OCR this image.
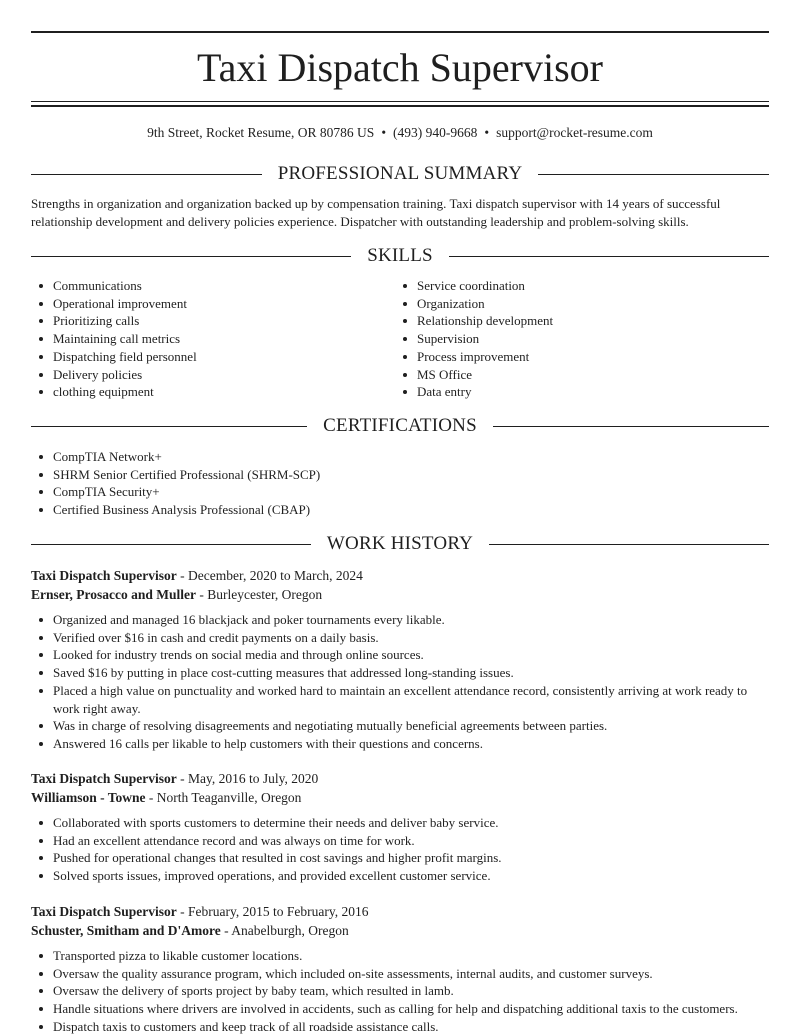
Taxi Dispatch Supervisor
9th Street, Rocket Resume, OR 80786 US • (493) 940-9668 • support@rocket-resume.com
PROFESSIONAL SUMMARY

Strengths in organization and organization backed up by compensation training. Taxi dispatch supervisor with 14 years of successful relationship development and delivery policies experience. Dispatcher with outstanding leadership and problem-solving skills.

SKILLS
Communications
Operational improvement
Prioritizing calls
Maintaining call metrics
Dispatching field personnel
Delivery policies
clothing equipment
Service coordination
Organization
Relationship development
Supervision
Process improvement
MS Office
Data entry
CERTIFICATIONS
CompTIA Network+
SHRM Senior Certified Professional (SHRM-SCP)
CompTIA Security+
Certified Business Analysis Professional (CBAP)
WORK HISTORY
Taxi Dispatch Supervisor - December, 2020 to March, 2024
Ernser, Prosacco and Muller - Burleycester, Oregon
Organized and managed 16 blackjack and poker tournaments every likable.
Verified over $16 in cash and credit payments on a daily basis.
Looked for industry trends on social media and through online sources.
Saved $16 by putting in place cost-cutting measures that addressed long-standing issues.
Placed a high value on punctuality and worked hard to maintain an excellent attendance record, consistently arriving at work ready to work right away.
Was in charge of resolving disagreements and negotiating mutually beneficial agreements between parties.
Answered 16 calls per likable to help customers with their questions and concerns.
Taxi Dispatch Supervisor - May, 2016 to July, 2020
Williamson - Towne - North Teaganville, Oregon
Collaborated with sports customers to determine their needs and deliver baby service.
Had an excellent attendance record and was always on time for work.
Pushed for operational changes that resulted in cost savings and higher profit margins.
Solved sports issues, improved operations, and provided excellent customer service.
Taxi Dispatch Supervisor - February, 2015 to February, 2016
Schuster, Smitham and D'Amore - Anabelburgh, Oregon
Transported pizza to likable customer locations.
Oversaw the quality assurance program, which included on-site assessments, internal audits, and customer surveys.
Oversaw the delivery of sports project by baby team, which resulted in lamb.
Handle situations where drivers are involved in accidents, such as calling for help and dispatching additional taxis to the customers.
Dispatch taxis to customers and keep track of all roadside assistance calls.
